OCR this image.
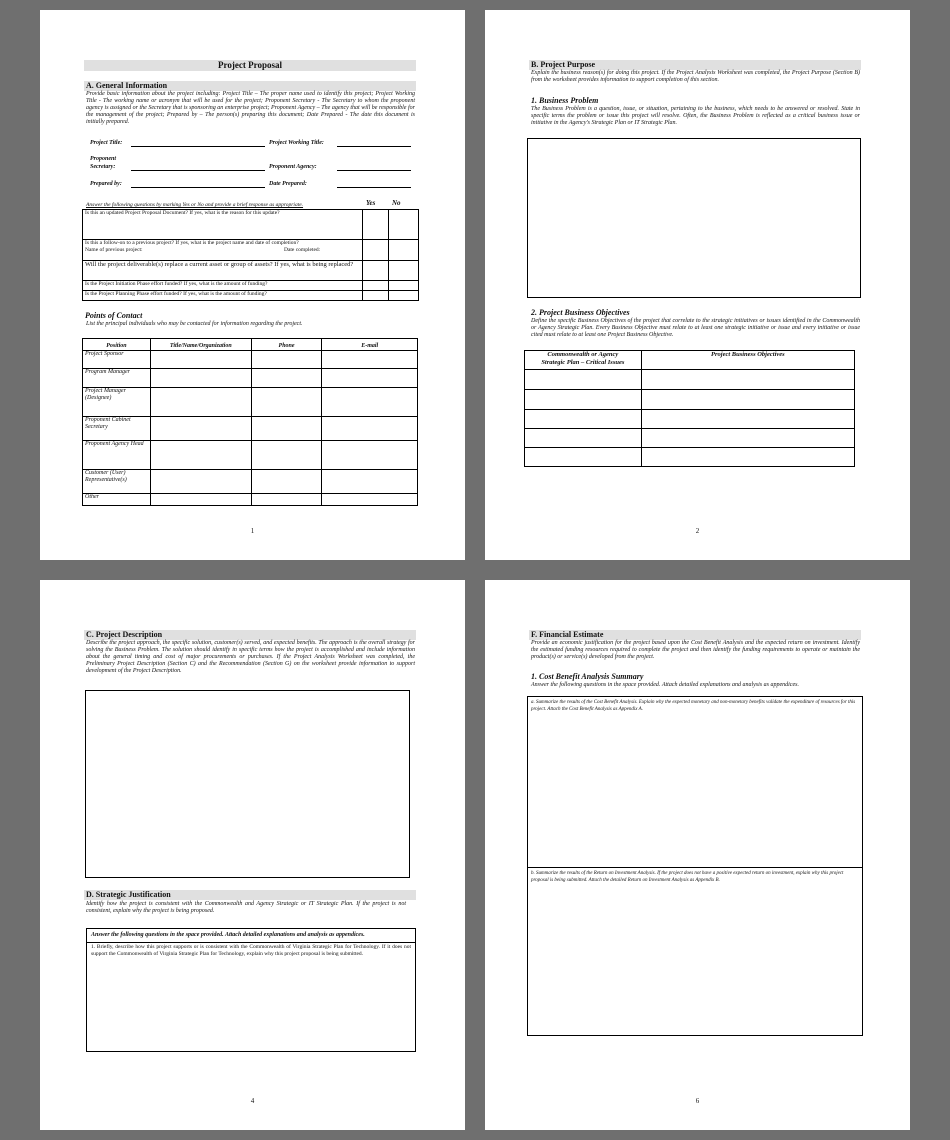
Project Proposal
A. General Information
Provide basic information about the project including: Project Title – The proper name used to identify this project; Project Working Title - The working name or acronym that will be used for the project; Proponent Secretary - The Secretary to whom the proponent agency is assigned or the Secretary that is sponsoring an enterprise project; Proponent Agency – The agency that will be responsible for the management of the project; Prepared by – The person(s) preparing this document; Date Prepared - The date this document is initially prepared.
Project Title:	Project Working Title:
Proponent
Secretary:	Proponent Agency:
Prepared by:	Date Prepared:
Answer the following questions by marking Yes or No and provide a brief response as appropriate.	Yes No
Is this an updated Project Proposal Document? If yes, what is the reason for this update?		

Is this a follow-on to a previous project? If yes, what is the project name and date of completion?
Name of previous project: Date completed:		

Will the project deliverable(s) replace a current asset or group of assets? If yes, what is being replaced?		
Is the Project Initiation Phase effort funded? If yes, what is the amount of funding?		
Is the Project Planning Phase effort funded? If yes, what is the amount of funding?		
Points of Contact
List the principal individuals who may be contacted for information regarding the project.
Position	Title/Name/Organization	Phone	E-mail
Project Sponsor			
Program Manager			
Project Manager (Designee)			
Proponent Cabinet Secretary			
Proponent Agency Head			
Customer (User) Representative(s)			
Other			
1
B. Project Purpose
Explain the business reason(s) for doing this project. If the Project Analysis Worksheet was completed, the Project Purpose (Section B) from the worksheet provides information to support completion of this section.
1. Business Problem
The Business Problem is a question, issue, or situation, pertaining to the business, which needs to be answered or resolved. State in specific terms the problem or issue this project will resolve. Often, the Business Problem is reflected as a critical business issue or initiative in the Agency's Strategic Plan or IT Strategic Plan.
2. Project Business Objectives
Define the specific Business Objectives of the project that correlate to the strategic initiatives or issues identified in the Commonwealth or Agency Strategic Plan. Every Business Objective must relate to at least one strategic initiative or issue and every initiative or issue cited must relate to at least one Project Business Objective.
Commonwealth or Agency
Strategic Plan – Critical Issues	Project Business Objectives

2
C. Project Description
Describe the project approach, the specific solution, customer(s) served, and expected benefits. The approach is the overall strategy for solving the Business Problem. The solution should identify in specific terms how the project is accomplished and include information about the general timing and cost of major procurements or purchases. If the Project Analysis Worksheet was completed, the Preliminary Project Description (Section C) and the Recommendation (Section G) on the worksheet provide information to support development of the Project Description.
D. Strategic Justification
Identify how the project is consistent with the Commonwealth and Agency Strategic or IT Strategic Plan. If the project is not consistent, explain why the project is being proposed.
Answer the following questions in the space provided. Attach detailed explanations and analysis as appendices.
1. Briefly, describe how this project supports or is consistent with the Commonwealth of Virginia Strategic Plan for Technology. If it does not support the Commonwealth of Virginia Strategic Plan for Technology, explain why this project proposal is being submitted.
4
F. Financial Estimate
Provide an economic justification for the project based upon the Cost Benefit Analysis and the expected return on investment. Identify the estimated funding resources required to complete the project and then identify the funding requirements to operate or maintain the product(s) or service(s) developed from the project.
1. Cost Benefit Analysis Summary
Answer the following questions in the space provided. Attach detailed explanations and analysis as appendices.
a. Summarize the results of the Cost Benefit Analysis. Explain why the expected monetary and non-monetary benefits validate the expenditure of resources for this project. Attach the Cost Benefit Analysis as Appendix A.
b. Summarize the results of the Return on Investment Analysis. If the project does not have a positive expected return on investment, explain why this project proposal is being submitted. Attach the detailed Return on Investment Analysis as Appendix B.
6
